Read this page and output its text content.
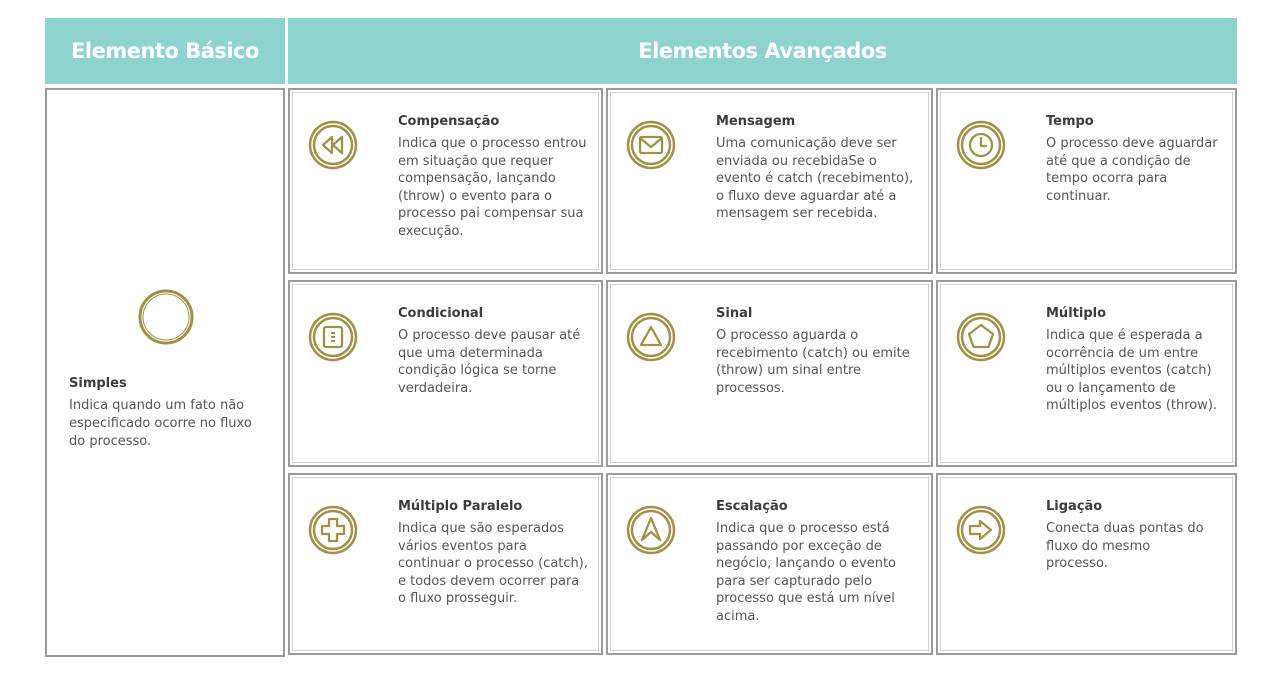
Elemento Básico	Elementos Avançados
Simples
Indica quando um fato não especificado ocorre no fluxo do processo.
Compensação
Indica que o processo entrou em situação que requer compensação, lançando (throw) o evento para o processo pai compensar sua execução.
Mensagem
Uma comunicação deve ser enviada ou recebidaSe o evento é catch (recebimento), o fluxo deve aguardar até a mensagem ser recebida.
Tempo
O processo deve aguardar até que a condição de tempo ocorra para continuar.
Condicional
O processo deve pausar até que uma determinada condição lógica se torne verdadeira.
Sinal
O processo aguarda o recebimento (catch) ou emite (throw) um sinal entre processos.
Múltiplo
Indica que é esperada a ocorrência de um entre múltiplos eventos (catch) ou o lançamento de múltiplos eventos (throw).
Múltiplo Paralelo
Indica que são esperados vários eventos para continuar o processo (catch), e todos devem ocorrer para o fluxo prosseguir.
Escalação
Indica que o processo está passando por exceção de negócio, lançando o evento para ser capturado pelo processo que está um nível acima.
Ligação
Conecta duas pontas do fluxo do mesmo processo.
